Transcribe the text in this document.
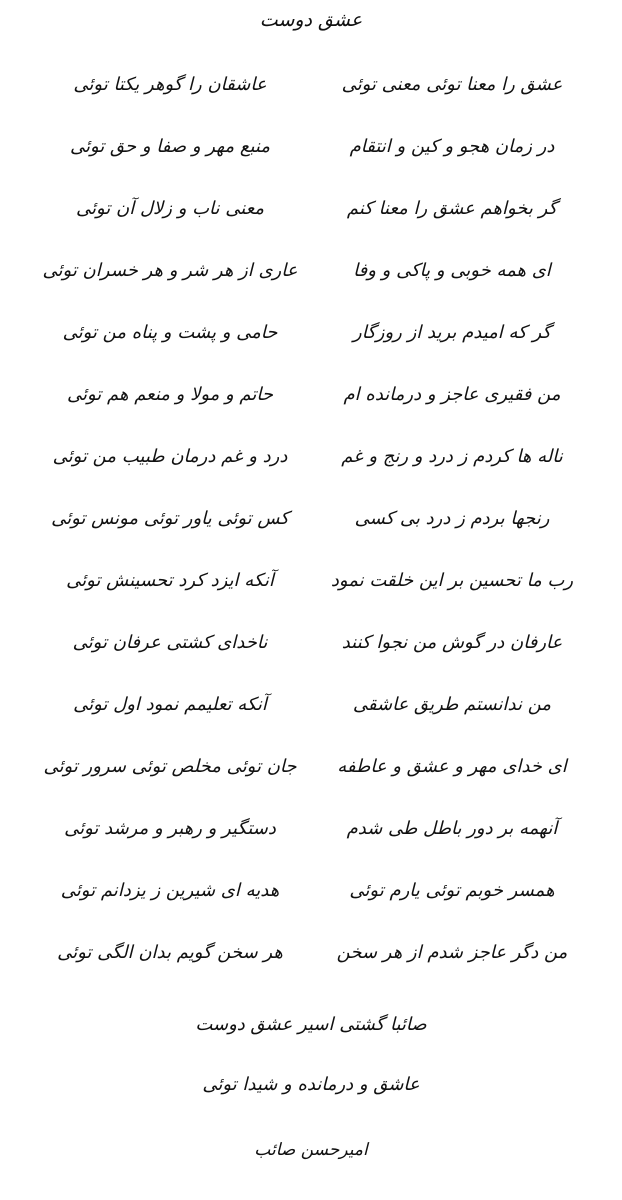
عشق دوست
عشق را معنا توئی معنی توئی
عاشقان را گوهر یکتا توئی
در زمان هجو و کین و انتقام
منبع مهر و صفا و حق توئی
گر بخواهم عشق را معنا کنم
معنی ناب و زلال آن توئی
ای همه خوبی و پاکی و وفا
عاری از هر شر و هر خسران توئی
گر که امیدم برید از روزگار
حامی و پشت و پناه من توئی
من فقیری عاجز و درمانده ام
حاتم و مولا و منعم هم توئی
ناله ها کردم ز درد و رنج و غم
درد و غم درمان طبیب من توئی
رنجها بردم ز درد بی کسی
کس توئی یاور توئی مونس توئی
رب ما تحسین بر این خلقت نمود
آنکه ایزد کرد تحسینش توئی
عارفان در گوش من نجوا کنند
ناخدای کشتی عرفان توئی
من ندانستم طریق عاشقی
آنکه تعلیمم نمود اول توئی
ای خدای مهر و عشق و عاطفه
جان توئی مخلص توئی سرور توئی
آنهمه بر دور باطل طی شدم
دستگیر و رهبر و مرشد توئی
همسر خوبم توئی یارم توئی
هدیه ای شیرین ز یزدانم توئی
من دگر عاجز شدم از هر سخن
هر سخن گویم بدان الگی توئی
صائبا گشتی اسیر عشق دوست
عاشق و درمانده و شیدا توئی
امیرحسن صائب
